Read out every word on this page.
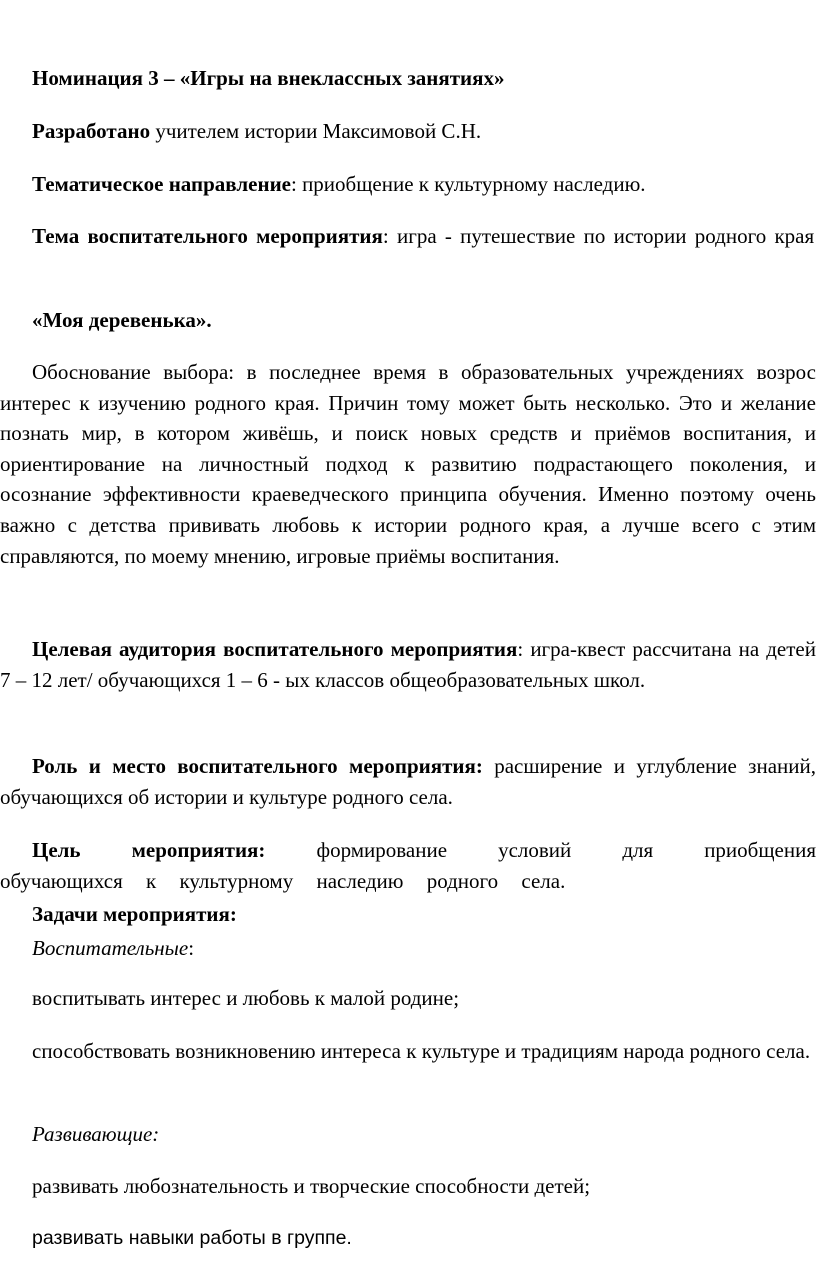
Номинация 3 – «Игры на внеклассных занятиях»

Разработано учителем истории Максимовой С.Н.

Тематическое направление: приобщение к культурному наследию.

Тема воспитательного мероприятия: игра - путешествие по истории родного края

«Моя деревенька».

Обоснование выбора: в последнее время в образовательных учреждениях возрос интерес к изучению родного края. Причин тому может быть несколько. Это и желание познать мир, в котором живёшь, и поиск новых средств и приёмов воспитания, и ориентирование на личностный подход к развитию подрастающего поколения, и осознание эффективности краеведческого принципа обучения. Именно поэтому очень важно с детства прививать любовь к истории родного края, а лучше всего с этим справляются, по моему мнению, игровые приёмы воспитания.

Целевая аудитория воспитательного мероприятия: игра-квест рассчитана на детей 7 – 12 лет/ обучающихся 1 – 6 - ых классов общеобразовательных школ.

Роль и место воспитательного мероприятия: расширение и углубление знаний, обучающихся об истории и культуре родного села.

Цель мероприятия: формирование условий для приобщения обучающихся к культурному наследию родного села.

Задачи мероприятия:

Воспитательные:

воспитывать интерес и любовь к малой родине;

способствовать возникновению интереса к культуре и традициям народа родного села.

Развивающие:

развивать любознательность и творческие способности детей;

развивать навыки работы в группе.
